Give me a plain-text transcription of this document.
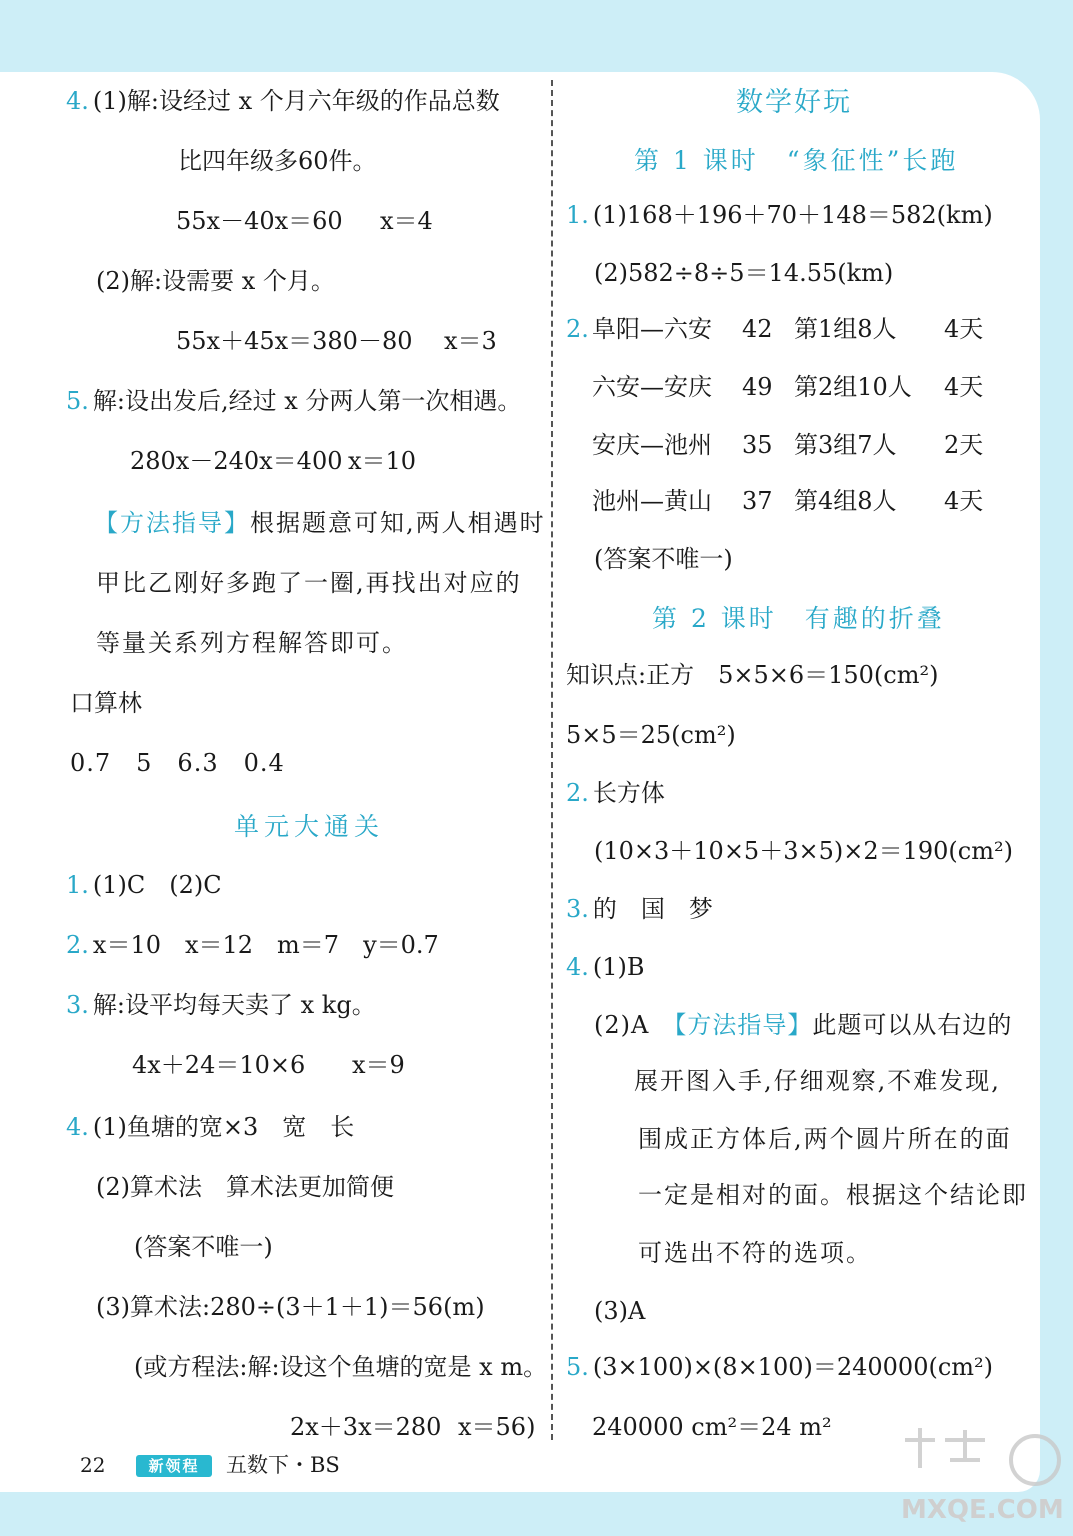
4. (1)解:设经过 x 个月六年级的作品总数
比四年级多60件。
55x－40x＝60 x＝4
(2)解:设需要 x 个月。
55x＋45x＝380－80 x＝3
5. 解:设出发后,经过 x 分两人第一次相遇。
280x－240x＝400 x＝10
【方法指导】根据题意可知,两人相遇时
甲比乙刚好多跑了一圈,再找出对应的
等量关系列方程解答即可。
口算林
0.7　5　6.3　0.4
单元大通关
1. (1)C　(2)C
2. x＝10　x＝12　m＝7　y＝0.7
3. 解:设平均每天卖了 x kg。
4x＋24＝10×6 x＝9
4. (1)鱼塘的宽×3　宽　长
(2)算术法　算术法更加简便
(答案不唯一)
(3)算术法:280÷(3＋1＋1)＝56(m)
(或方程法:解:设这个鱼塘的宽是 x m。
2x＋3x＝280 x＝56)
数学好玩
第 1 课时　“象征性”长跑
1. (1)168＋196＋70＋148＝582(km)
(2)582÷8÷5＝14.55(km)
2. 阜阳—六安 42 第1组8人 4天
六安—安庆 49 第2组10人 4天
安庆—池州 35 第3组7人 2天
池州—黄山 37 第4组8人 4天
(答案不唯一)
第 2 课时　有趣的折叠
知识点:正方　5×5×6＝150(cm²)
5×5＝25(cm²)
2. 长方体
(10×3＋10×5＋3×5)×2＝190(cm²)
3. 的　国　梦
4. (1)B
(2)A　【方法指导】此题可以从右边的
展开图入手,仔细观察,不难发现,
围成正方体后,两个圆片所在的面
一定是相对的面。根据这个结论即
可选出不符的选项。
(3)A
5. (3×100)×(8×100)＝240000(cm²)
240000 cm²＝24 m²
22	新领程	五数下・BS
MXQE.COM
